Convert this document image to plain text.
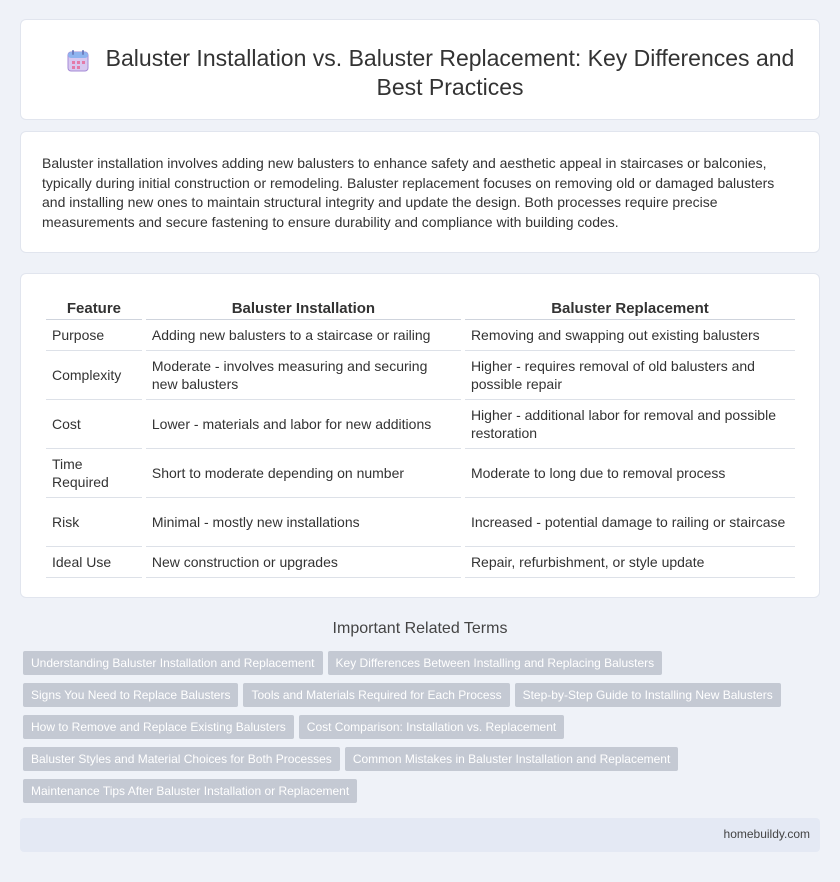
Baluster Installation vs. Baluster Replacement: Key Differences and Best Practices

Baluster installation involves adding new balusters to enhance safety and aesthetic appeal in staircases or balconies, typically during initial construction or remodeling. Baluster replacement focuses on removing old or damaged balusters and installing new ones to maintain structural integrity and update the design. Both processes require precise measurements and secure fastening to ensure durability and compliance with building codes.

Feature	Baluster Installation	Baluster Replacement
Purpose	Adding new balusters to a staircase or railing	Removing and swapping out existing balusters
Complexity	Moderate - involves measuring and securing new balusters	Higher - requires removal of old balusters and possible repair
Cost	Lower - materials and labor for new additions	Higher - additional labor for removal and possible restoration
Time Required	Short to moderate depending on number	Moderate to long due to removal process
Risk	Minimal - mostly new installations	Increased - potential damage to railing or staircase
Ideal Use	New construction or upgrades	Repair, refurbishment, or style update
Important Related Terms
Understanding Baluster Installation and Replacement Key Differences Between Installing and Replacing Balusters
Signs You Need to Replace Balusters Tools and Materials Required for Each Process Step-by-Step Guide to Installing New Balusters
How to Remove and Replace Existing Balusters Cost Comparison: Installation vs. Replacement
Baluster Styles and Material Choices for Both Processes Common Mistakes in Baluster Installation and Replacement
Maintenance Tips After Baluster Installation or Replacement
homebuildy.com
